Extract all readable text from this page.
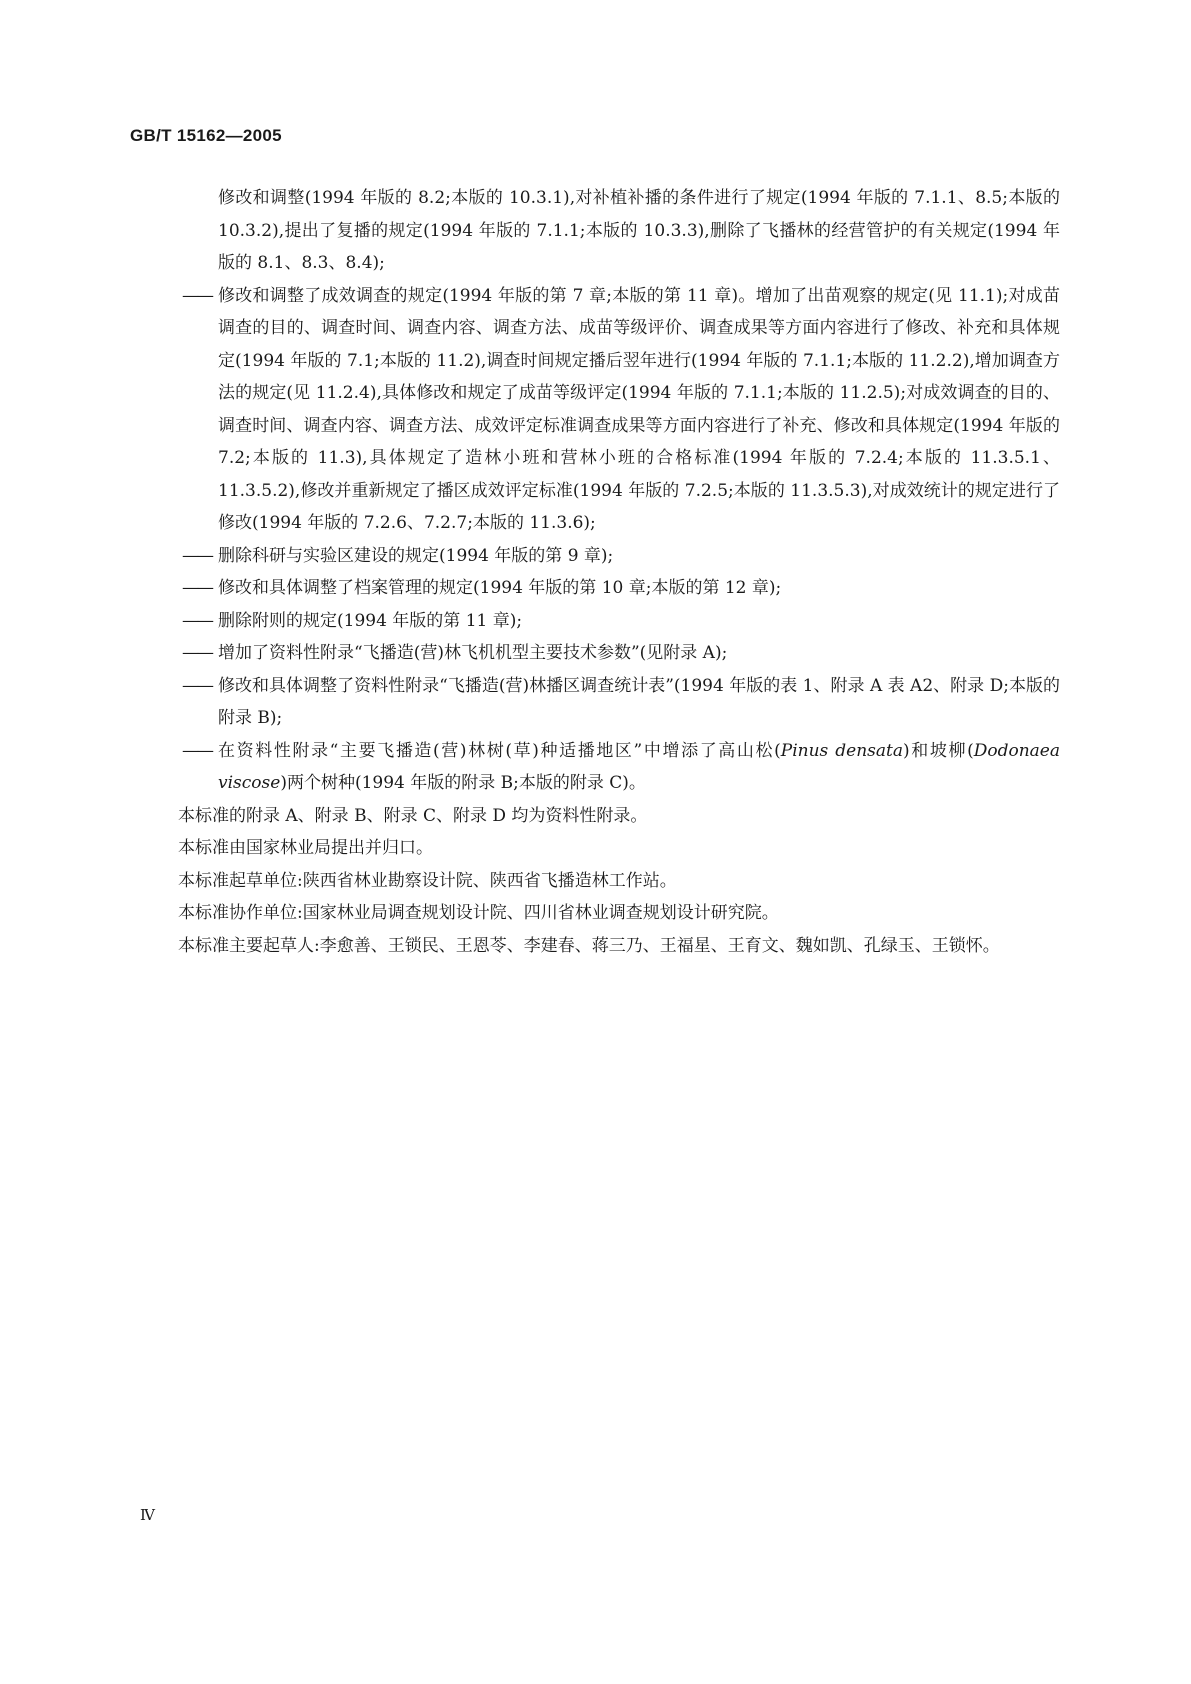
GB/T 15162—2005
修改和调整(1994 年版的 8.2;本版的 10.3.1),对补植补播的条件进行了规定(1994 年版的 7.1.1、8.5;本版的 10.3.2),提出了复播的规定(1994 年版的 7.1.1;本版的 10.3.3),删除了飞播林的经营管护的有关规定(1994 年版的 8.1、8.3、8.4);
—— 修改和调整了成效调查的规定(1994 年版的第 7 章;本版的第 11 章)。增加了出苗观察的规定(见 11.1);对成苗调查的目的、调查时间、调查内容、调查方法、成苗等级评价、调查成果等方面内容进行了修改、补充和具体规定(1994 年版的 7.1;本版的 11.2),调查时间规定播后翌年进行(1994 年版的 7.1.1;本版的 11.2.2),增加调查方法的规定(见 11.2.4),具体修改和规定了成苗等级评定(1994 年版的 7.1.1;本版的 11.2.5);对成效调查的目的、调查时间、调查内容、调查方法、成效评定标准调查成果等方面内容进行了补充、修改和具体规定(1994 年版的 7.2;本版的 11.3),具体规定了造林小班和营林小班的合格标准(1994 年版的 7.2.4;本版的 11.3.5.1、11.3.5.2),修改并重新规定了播区成效评定标准(1994 年版的 7.2.5;本版的 11.3.5.3),对成效统计的规定进行了修改(1994 年版的 7.2.6、7.2.7;本版的 11.3.6);
—— 删除科研与实验区建设的规定(1994 年版的第 9 章);
—— 修改和具体调整了档案管理的规定(1994 年版的第 10 章;本版的第 12 章);
—— 删除附则的规定(1994 年版的第 11 章);
—— 增加了资料性附录“飞播造(营)林飞机机型主要技术参数”(见附录 A);
—— 修改和具体调整了资料性附录“飞播造(营)林播区调查统计表”(1994 年版的表 1、附录 A 表 A2、附录 D;本版的附录 B);
—— 在资料性附录“主要飞播造(营)林树(草)种适播地区”中增添了高山松(Pinus densata)和坡柳(Dodonaea viscose)两个树种(1994 年版的附录 B;本版的附录 C)。
本标准的附录 A、附录 B、附录 C、附录 D 均为资料性附录。
本标准由国家林业局提出并归口。
本标准起草单位:陕西省林业勘察设计院、陕西省飞播造林工作站。
本标准协作单位:国家林业局调查规划设计院、四川省林业调查规划设计研究院。
本标准主要起草人:李愈善、王锁民、王恩苓、李建春、蒋三乃、王福星、王育文、魏如凯、孔绿玉、王锁怀。
Ⅳ
